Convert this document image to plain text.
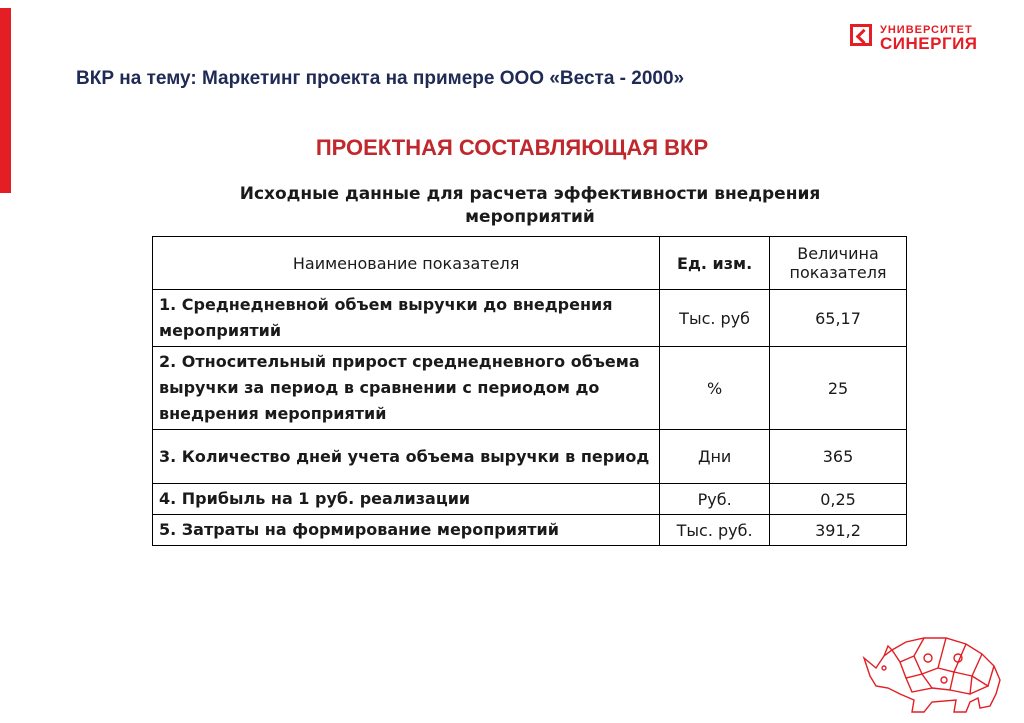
УНИВЕРСИТЕТ
СИНЕРГИЯ
ВКР на тему: Маркетинг проекта на примере ООО «Веста - 2000»
ПРОЕКТНАЯ СОСТАВЛЯЮЩАЯ ВКР
Исходные данные для расчета эффективности внедрения
мероприятий
Наименование показателя	Ед. изм.	Величина
показателя

1. Среднедневной объем выручки до внедрения мероприятий	Тыс. руб	65,17
2. Относительный прирост среднедневного объема выручки за период в сравнении с периодом до внедрения мероприятий	%	25
3. Количество дней учета объема выручки в период	Дни	365
4. Прибыль на 1 руб. реализации	Руб.	0,25
5. Затраты на формирование мероприятий	Тыс. руб.	391,2
